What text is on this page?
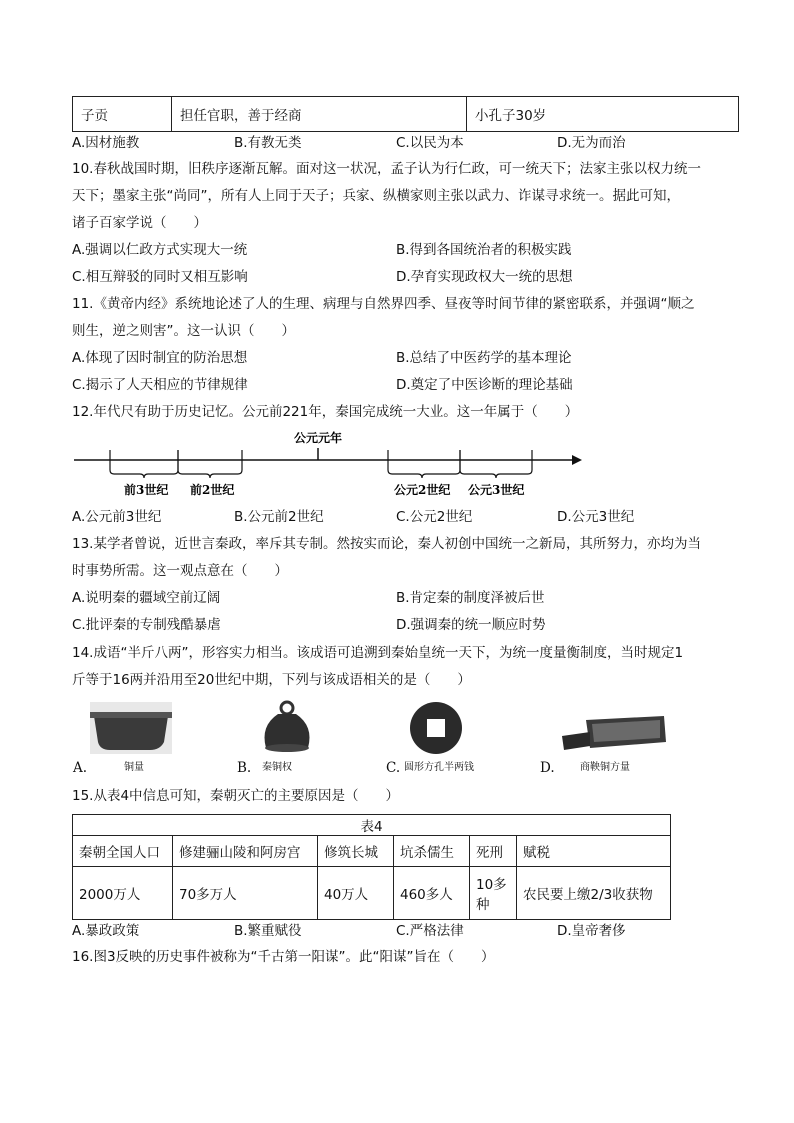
子贡	担任官职，善于经商	小孔子30岁
A.因材施教	B.有教无类	C.以民为本	D.无为而治
10.春秋战国时期，旧秩序逐渐瓦解。面对这一状况，孟子认为行仁政，可一统天下；法家主张以权力统一
天下；墨家主张“尚同”，所有人上同于天子；兵家、纵横家则主张以武力、诈谋寻求统一。据此可知，
诸子百家学说（　　）
A.强调以仁政方式实现大一统	B.得到各国统治者的积极实践
C.相互辩驳的同时又相互影响	D.孕育实现政权大一统的思想
11.《黄帝内经》系统地论述了人的生理、病理与自然界四季、昼夜等时间节律的紧密联系，并强调“顺之
则生，逆之则害”。这一认识（　　）
A.体现了因时制宜的防治思想	B.总结了中医药学的基本理论
C.揭示了人天相应的节律规律	D.奠定了中医诊断的理论基础
12.年代尺有助于历史记忆。公元前221年，秦国完成统一大业。这一年属于（　　）
公元元年
前3世纪 前2世纪	公元2世纪 公元3世纪
A.公元前3世纪	B.公元前2世纪	C.公元2世纪	D.公元3世纪
13.某学者曾说，近世言秦政，率斥其专制。然按实而论，秦人初创中国统一之新局，其所努力，亦均为当
时事势所需。这一观点意在（　　）
A.说明秦的疆域空前辽阔	B.肯定秦的制度泽被后世
C.批评秦的专制残酷暴虐	D.强调秦的统一顺应时势
14.成语“半斤八两”，形容实力相当。该成语可追溯到秦始皇统一天下，为统一度量衡制度，当时规定1
斤等于16两并沿用至20世纪中期，下列与该成语相关的是（　　）
A.	铜量	B. 秦铜权	C. 圆形方孔半两钱	D.	商鞅铜方量
15.从表4中信息可知，秦朝灭亡的主要原因是（　　）
表4					
秦朝全国人口	修建骊山陵和阿房宫	修筑长城	坑杀儒生	死刑	赋税
2000万人	70多万人	40万人	460多人	10多种	农民要上缴2/3收获物
A.暴政政策	B.繁重赋役	C.严格法律	D.皇帝奢侈
16.图3反映的历史事件被称为“千古第一阳谋”。此“阳谋”旨在（　　）
